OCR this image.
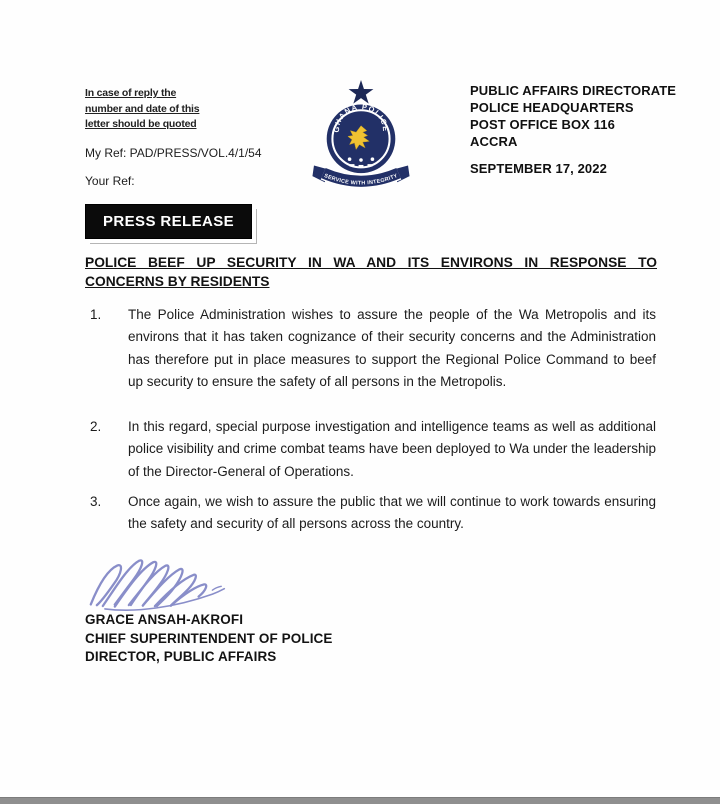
In case of reply the
number and date of this
letter should be quoted
My Ref: PAD/PRESS/VOL.4/1/54
Your Ref:
GHANA POLICE
SERVICE WITH INTEGRITY
PUBLIC AFFAIRS DIRECTORATE
POLICE HEADQUARTERS
POST OFFICE BOX 116
ACCRA
SEPTEMBER 17, 2022
PRESS RELEASE
POLICE BEEF UP SECURITY IN WA AND ITS ENVIRONS IN RESPONSE TO
CONCERNS BY RESIDENTS
1. The Police Administration wishes to assure the people of the Wa Metropolis and its environs that it has taken cognizance of their security concerns and the Administration has therefore put in place measures to support the Regional Police Command to beef up security to ensure the safety of all persons in the Metropolis.
2. In this regard, special purpose investigation and intelligence teams as well as additional police visibility and crime combat teams have been deployed to Wa under the leadership of the Director-General of Operations.
3. Once again, we wish to assure the public that we will continue to work towards ensuring the safety and security of all persons across the country.
GRACE ANSAH-AKROFI
CHIEF SUPERINTENDENT OF POLICE
DIRECTOR, PUBLIC AFFAIRS
